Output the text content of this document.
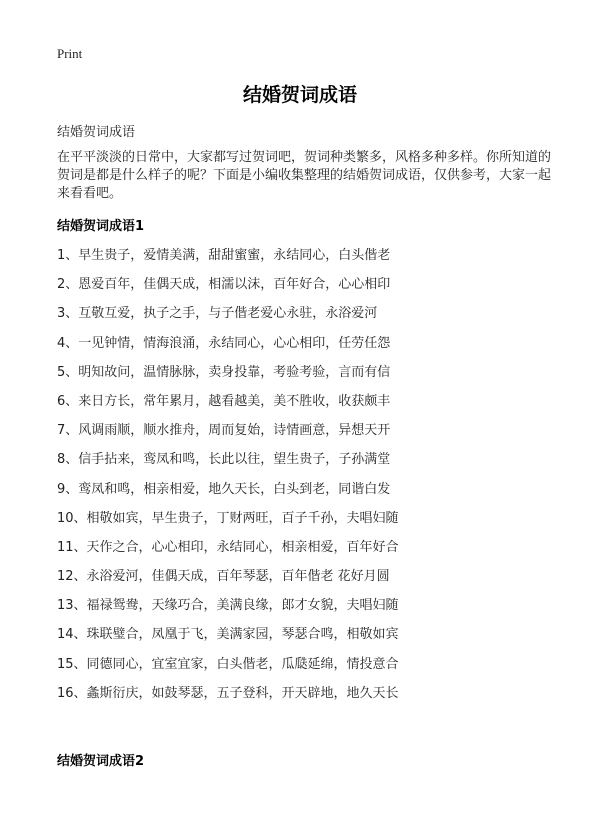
Print
结婚贺词成语
结婚贺词成语
在平平淡淡的日常中，大家都写过贺词吧，贺词种类繁多，风格多种多样。你所知道的贺词是都是什么样子的呢？下面是小编收集整理的结婚贺词成语，仅供参考，大家一起来看看吧。
结婚贺词成语1
1、早生贵子，爱情美满，甜甜蜜蜜，永结同心，白头偕老
2、恩爱百年，佳偶天成，相濡以沫，百年好合，心心相印
3、互敬互爱，执子之手，与子偕老爱心永驻，永浴爱河
4、一见钟情，情海浪涌，永结同心，心心相印，任劳任怨
5、明知故问，温情脉脉，卖身投靠，考验考验，言而有信
6、来日方长，常年累月，越看越美，美不胜收，收获颇丰
7、风调雨顺，顺水推舟，周而复始，诗情画意，异想天开
8、信手拈来，鸾凤和鸣，长此以往，望生贵子，子孙满堂
9、鸾凤和鸣，相亲相爱，地久天长，白头到老，同谐白发
10、相敬如宾，早生贵子，丁财两旺，百子千孙，夫唱妇随
11、天作之合，心心相印，永结同心，相亲相爱，百年好合
12、永浴爱河，佳偶天成，百年琴瑟，百年偕老 花好月圆
13、福禄鸳鸯，天缘巧合，美满良缘，郎才女貌，夫唱妇随
14、珠联璧合，凤凰于飞，美满家园，琴瑟合鸣，相敬如宾
15、同德同心，宜室宜家，白头偕老，瓜瓞延绵，情投意合
16、螽斯衍庆，如鼓琴瑟，五子登科，开天辟地，地久天长
结婚贺词成语2
